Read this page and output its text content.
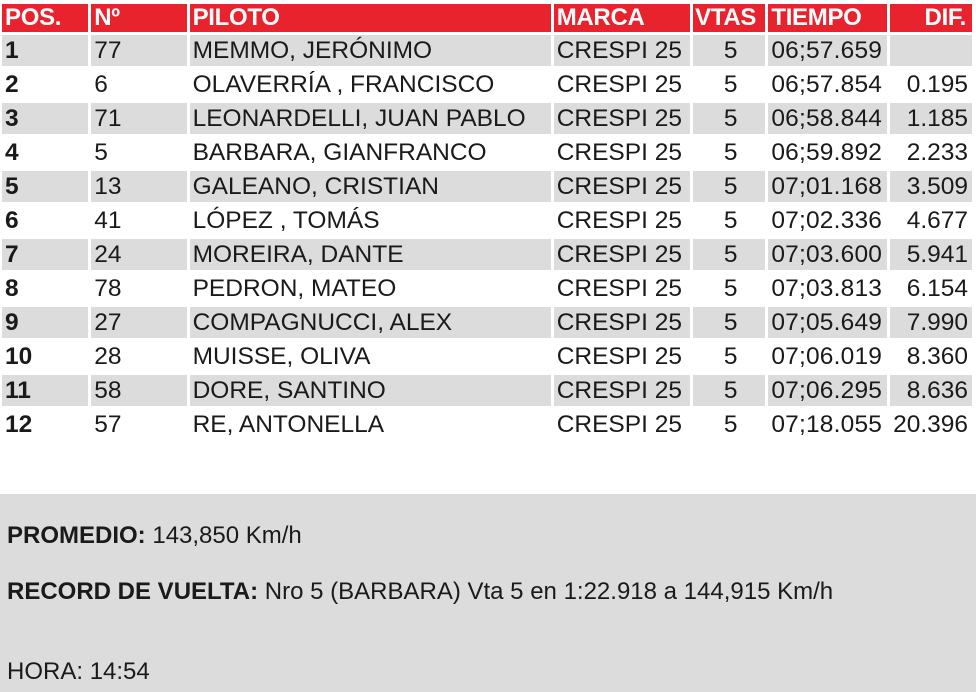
POS.	Nº	PILOTO	MARCA	VTAS	TIEMPO	DIF.
1	77	MEMMO, JERÓNIMO	CRESPI 25	5	06;57.659	
2	6	OLAVERRÍA , FRANCISCO	CRESPI 25	5	06;57.854	0.195
3	71	LEONARDELLI, JUAN PABLO	CRESPI 25	5	06;58.844	1.185
4	5	BARBARA, GIANFRANCO	CRESPI 25	5	06;59.892	2.233
5	13	GALEANO, CRISTIAN	CRESPI 25	5	07;01.168	3.509
6	41	LÓPEZ , TOMÁS	CRESPI 25	5	07;02.336	4.677
7	24	MOREIRA, DANTE	CRESPI 25	5	07;03.600	5.941
8	78	PEDRON, MATEO	CRESPI 25	5	07;03.813	6.154
9	27	COMPAGNUCCI, ALEX	CRESPI 25	5	07;05.649	7.990
10	28	MUISSE, OLIVA	CRESPI 25	5	07;06.019	8.360
11	58	DORE, SANTINO	CRESPI 25	5	07;06.295	8.636
12	57	RE, ANTONELLA	CRESPI 25	5	07;18.055	20.396
PROMEDIO: 143,850 Km/h
RECORD DE VUELTA: Nro 5 (BARBARA) Vta 5 en 1:22.918 a 144,915 Km/h
HORA: 14:54
